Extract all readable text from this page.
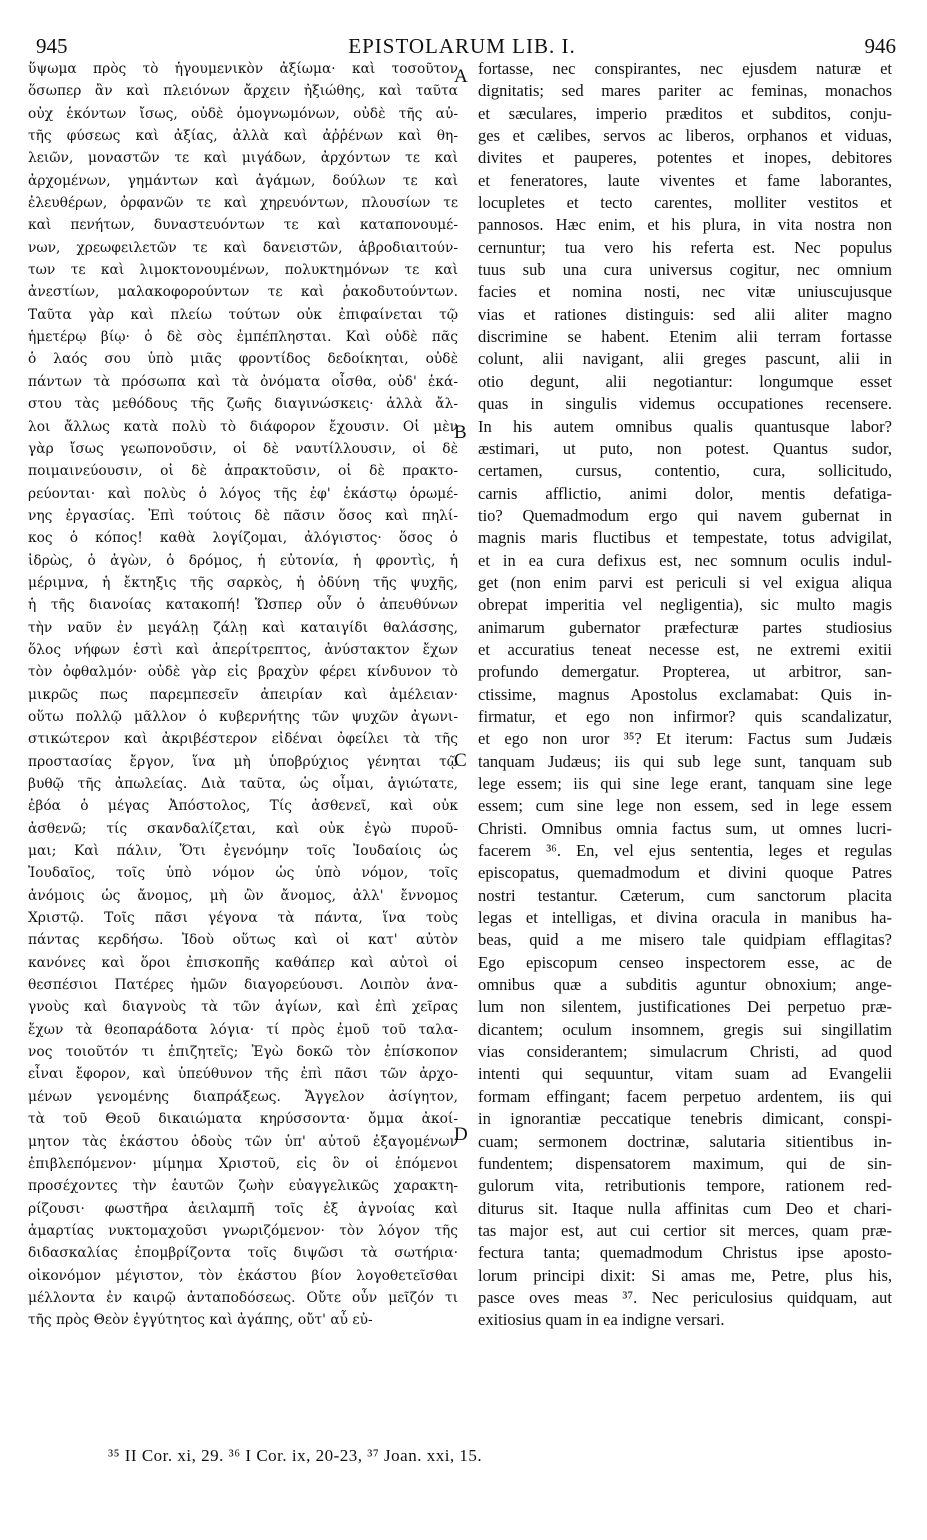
945	EPISTOLARUM LIB. I.	946
ὕψωμα πρὸς τὸ ἡγουμενικὸν ἀξίωμα· καὶ τοσοῦτον
ὅσωπερ ἂν καὶ πλειόνων ἄρχειν ἠξιώθης, καὶ ταῦτα
οὐχ ἑκόντων ἴσως, οὐδὲ ὁμογνωμόνων, οὐδὲ τῆς αὐ-
τῆς φύσεως καὶ ἀξίας, ἀλλὰ καὶ ἀῤῥένων καὶ θη-
λειῶν, μοναστῶν τε καὶ μιγάδων, ἀρχόντων τε καὶ
ἀρχομένων, γημάντων καὶ ἀγάμων, δούλων τε καὶ
ἐλευθέρων, ὀρφανῶν τε καὶ χηρευόντων, πλουσίων τε
καὶ πενήτων, δυναστευόντων τε καὶ καταπονουμέ-
νων, χρεωφειλετῶν τε καὶ δανειστῶν, ἁβροδιαιτούν-
των τε καὶ λιμοκτονουμένων, πολυκτημόνων τε καὶ
ἀνεστίων, μαλακοφορούντων τε καὶ ῥακοδυτούντων.
Ταῦτα γὰρ καὶ πλείω τούτων οὐκ ἐπιφαίνεται τῷ
ἡμετέρῳ βίῳ· ὁ δὲ σὸς ἐμπέπλησται. Καὶ οὐδὲ πᾶς
ὁ λαός σου ὑπὸ μιᾶς φροντίδος δεδοίκηται, οὐδὲ
πάντων τὰ πρόσωπα καὶ τὰ ὀνόματα οἶσθα, οὐδ' ἑκά-
στου τὰς μεθόδους τῆς ζωῆς διαγινώσκεις· ἀλλὰ ἄλ-
λοι ἄλλως κατὰ πολὺ τὸ διάφορον ἔχουσιν. Οἱ μὲν
γὰρ ἴσως γεωπονοῦσιν, οἱ δὲ ναυτίλλουσιν, οἱ δὲ
ποιμαινεύουσιν, οἱ δὲ ἀπρακτοῦσιν, οἱ δὲ πρακτο-
ρεύονται· καὶ πολὺς ὁ λόγος τῆς ἐφ' ἑκάστῳ ὁρωμέ-
νης ἐργασίας. Ἐπὶ τούτοις δὲ πᾶσιν ὅσος καὶ πηλί-
κος ὁ κόπος! καθὰ λογίζομαι, ἀλόγιστος· ὅσος ὁ
ἱδρὼς, ὁ ἀγὼν, ὁ δρόμος, ἡ εὐτονία, ἡ φροντὶς, ἡ
μέριμνα, ἡ ἔκτηξις τῆς σαρκὸς, ἡ ὀδύνη τῆς ψυχῆς,
ἡ τῆς διανοίας κατακοπή! Ὥσπερ οὖν ὁ ἀπευθύνων
τὴν ναῦν ἐν μεγάλῃ ζάλῃ καὶ καταιγίδι θαλάσσης,
ὅλος νήφων ἐστὶ καὶ ἀπερίτρεπτος, ἀνύστακτον ἔχων
τὸν ὀφθαλμόν· οὐδὲ γὰρ εἰς βραχὺν φέρει κίνδυνον τὸ
μικρῶς πως παρεμπεσεῖν ἀπειρίαν καὶ ἀμέλειαν·
οὕτω πολλῷ μᾶλλον ὁ κυβερνήτης τῶν ψυχῶν ἀγωνι-
στικώτερον καὶ ἀκριβέστερον εἰδέναι ὀφείλει τὰ τῆς
προστασίας ἔργον, ἵνα μὴ ὑποβρύχιος γένηται τῷ
βυθῷ τῆς ἀπωλείας. Διὰ ταῦτα, ὡς οἶμαι, ἁγιώτατε,
ἐβόα ὁ μέγας Ἀπόστολος, Τίς ἀσθενεῖ, καὶ οὐκ
ἀσθενῶ; τίς σκανδαλίζεται, καὶ οὐκ ἐγὼ πυροῦ-
μαι; Καὶ πάλιν, Ὅτι ἐγενόμην τοῖς Ἰουδαίοις ὡς
Ἰουδαῖος, τοῖς ὑπὸ νόμον ὡς ὑπὸ νόμον, τοῖς
ἀνόμοις ὡς ἄνομος, μὴ ὢν ἄνομος, ἀλλ' ἔννομος
Χριστῷ. Τοῖς πᾶσι γέγονα τὰ πάντα, ἵνα τοὺς
πάντας κερδήσω. Ἰδοὺ οὕτως καὶ οἱ κατ' αὐτὸν
κανόνες καὶ ὅροι ἐπισκοπῆς καθάπερ καὶ αὐτοὶ οἱ
θεσπέσιοι Πατέρες ἡμῶν διαγορεύουσι. Λοιπὸν ἀνα-
γνοὺς καὶ διαγνοὺς τὰ τῶν ἁγίων, καὶ ἐπὶ χεῖρας
ἔχων τὰ θεοπαράδοτα λόγια· τί πρὸς ἐμοῦ τοῦ ταλα-
νος τοιοῦτόν τι ἐπιζητεῖς; Ἐγὼ δοκῶ τὸν ἐπίσκοπον
εἶναι ἔφορον, καὶ ὑπεύθυνον τῆς ἐπὶ πᾶσι τῶν ἀρχο-
μένων γενομένης διαπράξεως. Ἄγγελον ἀσίγητον,
τὰ τοῦ Θεοῦ δικαιώματα κηρύσσοντα· ὄμμα ἀκοί-
μητον τὰς ἑκάστου ὁδοὺς τῶν ὑπ' αὐτοῦ ἐξαγομένων
ἐπιβλεπόμενον· μίμημα Χριστοῦ, εἰς ὃν οἱ ἑπόμενοι
προσέχοντες τὴν ἑαυτῶν ζωὴν εὐαγγελικῶς χαρακτη-
ρίζουσι· φωστῆρα ἀειλαμπῆ τοῖς ἐξ ἀγνοίας καὶ
ἁμαρτίας νυκτομαχοῦσι γνωριζόμενον· τὸν λόγον τῆς
διδασκαλίας ἐπομβρίζοντα τοῖς διψῶσι τὰ σωτήρια·
οἰκονόμον μέγιστον, τὸν ἑκάστου βίον λογοθετεῖσθαι
μέλλοντα ἐν καιρῷ ἀνταποδόσεως. Οὔτε οὖν μεῖζόν τι
τῆς πρὸς Θεὸν ἐγγύτητος καὶ ἀγάπης, οὔτ' αὖ εὐ-
fortasse, nec conspirantes, nec ejusdem naturæ et
dignitatis; sed mares pariter ac feminas, monachos
et sæculares, imperio præditos et subditos, conju-
ges et cælibes, servos ac liberos, orphanos et viduas,
divites et pauperes, potentes et inopes, debitores
et feneratores, laute viventes et fame laborantes,
locupletes et tecto carentes, molliter vestitos et
pannosos. Hæc enim, et his plura, in vita nostra non
cernuntur; tua vero his referta est. Nec populus
tuus sub una cura universus cogitur, nec omnium
facies et nomina nosti, nec vitæ uniuscujusque
vias et rationes distinguis: sed alii aliter magno
discrimine se habent. Etenim alii terram fortasse
colunt, alii navigant, alii greges pascunt, alii in
otio degunt, alii negotiantur: longumque esset
quas in singulis videmus occupationes recensere.
In his autem omnibus qualis quantusque labor?
æstimari, ut puto, non potest. Quantus sudor,
certamen, cursus, contentio, cura, sollicitudo,
carnis afflictio, animi dolor, mentis defatiga-
tio? Quemadmodum ergo qui navem gubernat in
magnis maris fluctibus et tempestate, totus advigilat,
et in ea cura defixus est, nec somnum oculis indul-
get (non enim parvi est periculi si vel exigua aliqua
obrepat imperitia vel negligentia), sic multo magis
animarum gubernator præfecturæ partes studiosius
et accuratius teneat necesse est, ne extremi exitii
profundo demergatur. Propterea, ut arbitror, san-
ctissime, magnus Apostolus exclamabat: Quis in-
firmatur, et ego non infirmor? quis scandalizatur,
et ego non uror ³⁵? Et iterum: Factus sum Judæis
tanquam Judæus; iis qui sub lege sunt, tanquam sub
lege essem; iis qui sine lege erant, tanquam sine lege
essem; cum sine lege non essem, sed in lege essem
Christi. Omnibus omnia factus sum, ut omnes lucri-
facerem ³⁶. En, vel ejus sententia, leges et regulas
episcopatus, quemadmodum et divini quoque Patres
nostri testantur. Cæterum, cum sanctorum placita
legas et intelligas, et divina oracula in manibus ha-
beas, quid a me misero tale quidpiam efflagitas?
Ego episcopum censeo inspectorem esse, ac de
omnibus quæ a subditis aguntur obnoxium; ange-
lum non silentem, justificationes Dei perpetuo præ-
dicantem; oculum insomnem, gregis sui singillatim
vias considerantem; simulacrum Christi, ad quod
intenti qui sequuntur, vitam suam ad Evangelii
formam effingant; facem perpetuo ardentem, iis qui
in ignorantiæ peccatique tenebris dimicant, conspi-
cuam; sermonem doctrinæ, salutaria sitientibus in-
fundentem; dispensatorem maximum, qui de sin-
gulorum vita, retributionis tempore, rationem red-
diturus sit. Itaque nulla affinitas cum Deo et chari-
tas major est, aut cui certior sit merces, quam præ-
fectura tanta; quemadmodum Christus ipse aposto-
lorum principi dixit: Si amas me, Petre, plus his,
pasce oves meas ³⁷. Nec periculosius quidquam, aut
exitiosius quam in ea indigne versari.
A
B
C
D
³⁵ II Cor. xi, 29. ³⁶ I Cor. ix, 20-23, ³⁷ Joan. xxi, 15.
